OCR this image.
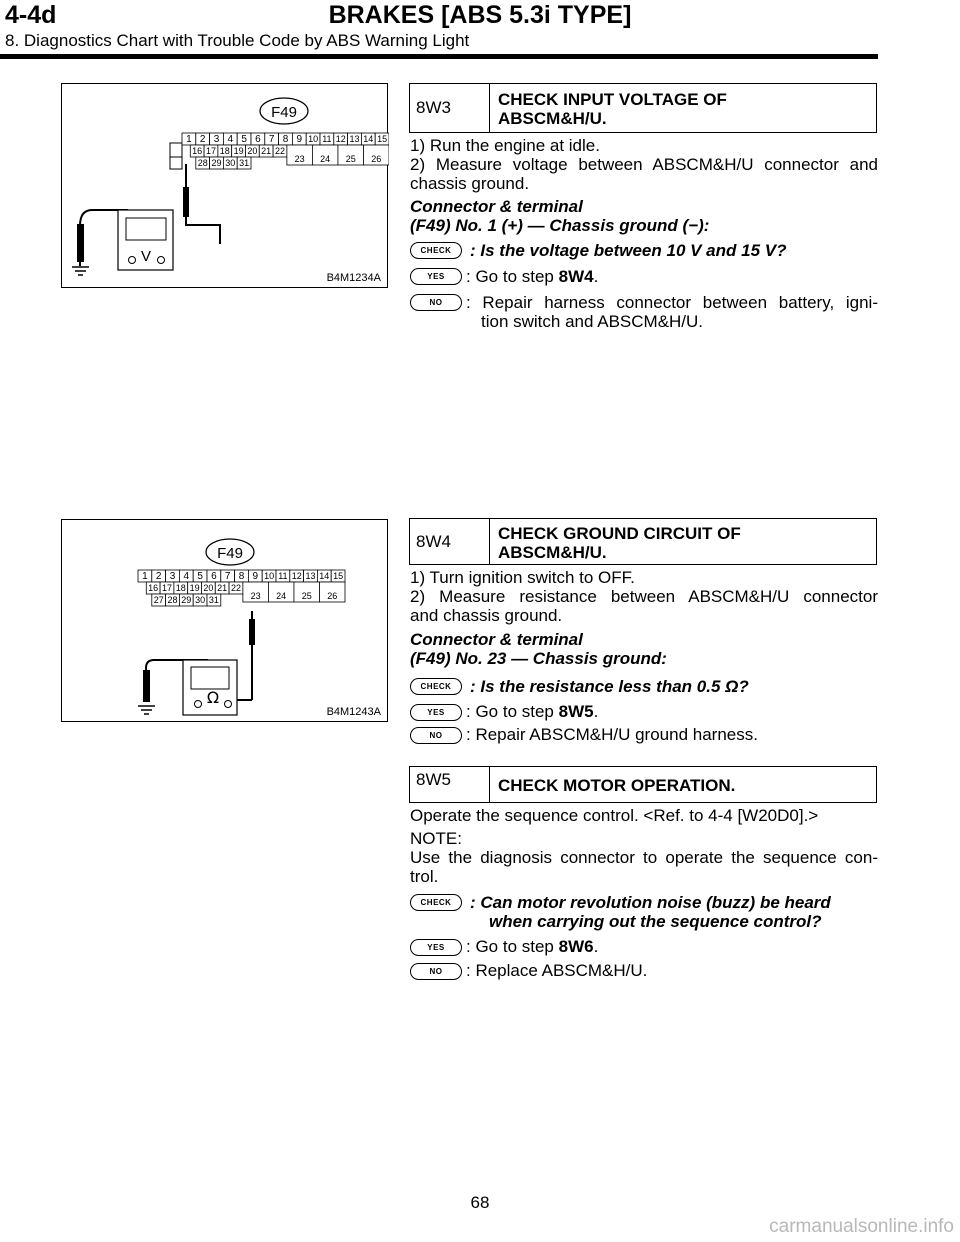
4-4d	BRAKES [ABS 5.3i TYPE]
8. Diagnostics Chart with Trouble Code by ABS Warning Light
F49
1 2 3 4 5 6 7 8 9 10 11 12 13 14 15
16 17 18 19 20 21 22
28 29 30 31	23 24 25 26
V
B4M1234A
8W3	CHECK INPUT VOLTAGE OF
ABSCM&H/U.
1) Run the engine at idle.
2) Measure voltage between ABSCM&H/U connector and
chassis ground.
Connector & terminal
(F49) No. 1 (+) — Chassis ground (−):
CHECK	: Is the voltage between 10 V and 15 V?
YES	: Go to step 8W4.
NO	: Repair harness connector between battery, igni-
tion switch and ABSCM&H/U.
F49
1 2 3 4 5 6 7 8 9 10 11 12 13 14 15
16 17 18 19 20 21 22
27 28 29 30 31	23 24 25 26
Ω
B4M1243A
8W4	CHECK GROUND CIRCUIT OF
ABSCM&H/U.
1) Turn ignition switch to OFF.
2) Measure resistance between ABSCM&H/U connector
and chassis ground.
Connector & terminal
(F49) No. 23 — Chassis ground:
CHECK	: Is the resistance less than 0.5 Ω?
YES	: Go to step 8W5.
NO	: Repair ABSCM&H/U ground harness.
8W5	CHECK MOTOR OPERATION.
Operate the sequence control. <Ref. to 4-4 [W20D0].>
NOTE:
Use the diagnosis connector to operate the sequence con-
trol.
CHECK	: Can motor revolution noise (buzz) be heard
when carrying out the sequence control?
YES	: Go to step 8W6.
NO	: Replace ABSCM&H/U.
68
carmanualsonline.info
